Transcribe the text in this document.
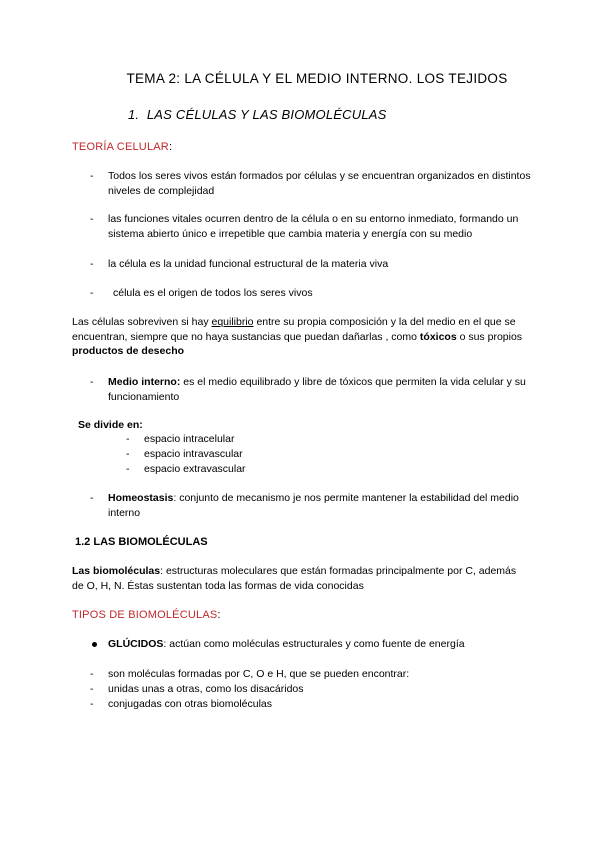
TEMA 2: LA CÉLULA Y EL MEDIO INTERNO. LOS TEJIDOS
1. LAS CÉLULAS Y LAS BIOMOLÉCULAS
TEORÍA CELULAR:
- Todos los seres vivos están formados por células y se encuentran organizados en distintos niveles de complejidad
- las funciones vitales ocurren dentro de la célula o en su entorno inmediato, formando un sistema abierto único e irrepetible que cambia materia y energía con su medio
- la célula es la unidad funcional estructural de la materia viva
- célula es el origen de todos los seres vivos
Las células sobreviven si hay equilibrio entre su propia composición y la del medio en el que se encuentran, siempre que no haya sustancias que puedan dañarlas , como tóxicos o sus propios productos de desecho
- Medio interno: es el medio equilibrado y libre de tóxicos que permiten la vida celular y su funcionamiento
Se divide en:
- espacio intracelular
- espacio intravascular
- espacio extravascular
- Homeostasis: conjunto de mecanismo je nos permite mantener la estabilidad del medio interno
1.2 LAS BIOMOLÉCULAS
Las biomoléculas: estructuras moleculares que están formadas principalmente por C, además de O, H, N. Éstas sustentan toda las formas de vida conocidas
TIPOS DE BIOMOLÉCULAS:
GLÚCIDOS: actúan como moléculas estructurales y como fuente de energía
- son moléculas formadas por C, O e H, que se pueden encontrar:
- unidas unas a otras, como los disacáridos
- conjugadas con otras biomoléculas
